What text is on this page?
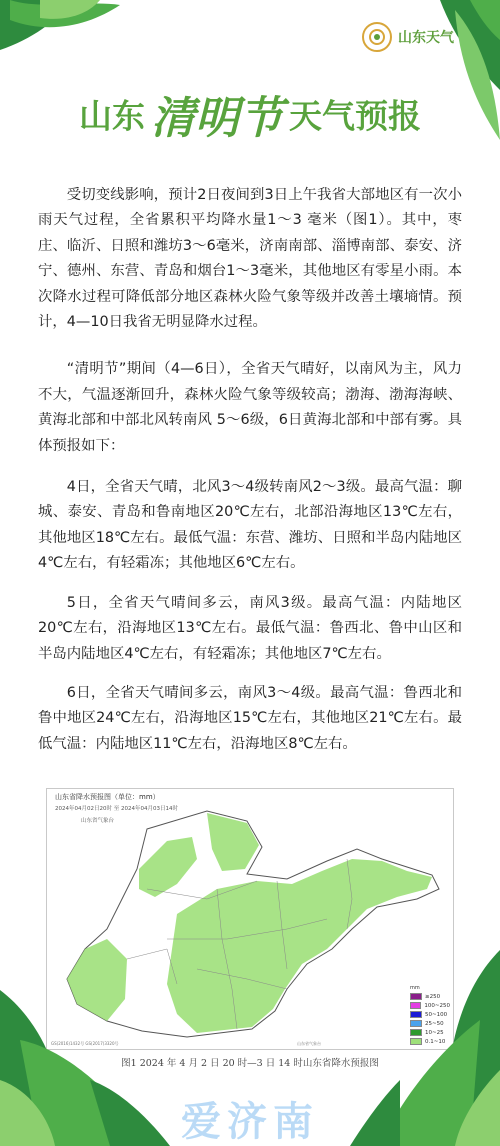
山东天气
山东 清明节 天气预报

受切变线影响，预计2日夜间到3日上午我省大部地区有一次小雨天气过程，全省累积平均降水量1～3 毫米（图1）。其中，枣庄、临沂、日照和潍坊3～6毫米，济南南部、淄博南部、泰安、济宁、德州、东营、青岛和烟台1～3毫米，其他地区有零星小雨。本次降水过程可降低部分地区森林火险气象等级并改善土壤墒情。预计，4—10日我省无明显降水过程。

“清明节”期间（4—6日），全省天气晴好，以南风为主，风力不大，气温逐渐回升，森林火险气象等级较高；渤海、渤海海峡、黄海北部和中部北风转南风 5～6级，6日黄海北部和中部有雾。具体预报如下：

4日，全省天气晴，北风3～4级转南风2～3级。最高气温：聊城、泰安、青岛和鲁南地区20℃左右，北部沿海地区13℃左右，其他地区18℃左右。最低气温：东营、潍坊、日照和半岛内陆地区4℃左右，有轻霜冻；其他地区6℃左右。

5日，全省天气晴间多云，南风3级。最高气温：内陆地区20℃左右，沿海地区13℃左右。最低气温：鲁西北、鲁中山区和半岛内陆地区4℃左右，有轻霜冻；其他地区7℃左右。

6日，全省天气晴间多云，南风3～4级。最高气温：鲁西北和鲁中地区24℃左右，沿海地区15℃左右，其他地区21℃左右。最低气温：内陆地区11℃左右，沿海地区8℃左右。

山东省降水预报图（单位：mm）
2024年04月02日20时 至 2024年04月03日14时
山东省气象台
mm
≥250
100~250
50~100
25~50
10~25
0.1~10
GS(2016)1432号 GS(2017)3320号	山东省气象台
图1 2024 年 4 月 2 日 20 时—3 日 14 时山东省降水预报图
爱济南
